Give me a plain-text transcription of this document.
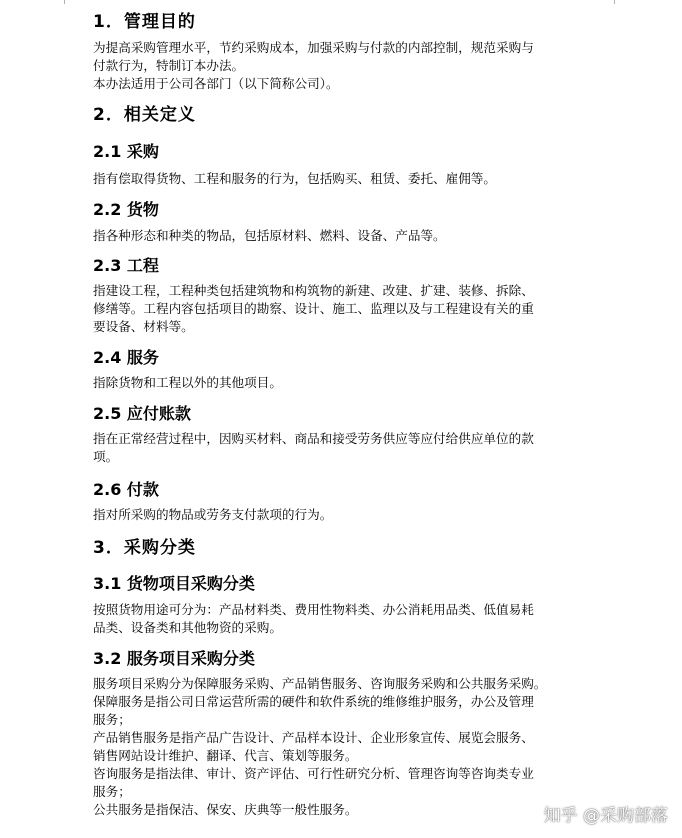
1．管理目的
为提高采购管理水平，节约采购成本，加强采购与付款的内部控制，规范采购与
付款行为，特制订本办法。
本办法适用于公司各部门（以下简称公司）。
2．相关定义
2.1 采购
指有偿取得货物、工程和服务的行为，包括购买、租赁、委托、雇佣等。
2.2 货物
指各种形态和种类的物品，包括原材料、燃料、设备、产品等。
2.3 工程
指建设工程，工程种类包括建筑物和构筑物的新建、改建、扩建、装修、拆除、
修缮等。工程内容包括项目的勘察、设计、施工、监理以及与工程建设有关的重
要设备、材料等。
2.4 服务
指除货物和工程以外的其他项目。
2.5 应付账款
指在正常经营过程中，因购买材料、商品和接受劳务供应等应付给供应单位的款
项。
2.6 付款
指对所采购的物品或劳务支付款项的行为。
3．采购分类
3.1 货物项目采购分类
按照货物用途可分为：产品材料类、费用性物料类、办公消耗用品类、低值易耗
品类、设备类和其他物资的采购。
3.2 服务项目采购分类
服务项目采购分为保障服务采购、产品销售服务、咨询服务采购和公共服务采购。
保障服务是指公司日常运营所需的硬件和软件系统的维修维护服务，办公及管理
服务；
产品销售服务是指产品广告设计、产品样本设计、企业形象宣传、展览会服务、
销售网站设计维护、翻译、代言、策划等服务。
咨询服务是指法律、审计、资产评估、可行性研究分析、管理咨询等咨询类专业
服务；
公共服务是指保洁、保安、庆典等一般性服务。	知乎 @采购部落
